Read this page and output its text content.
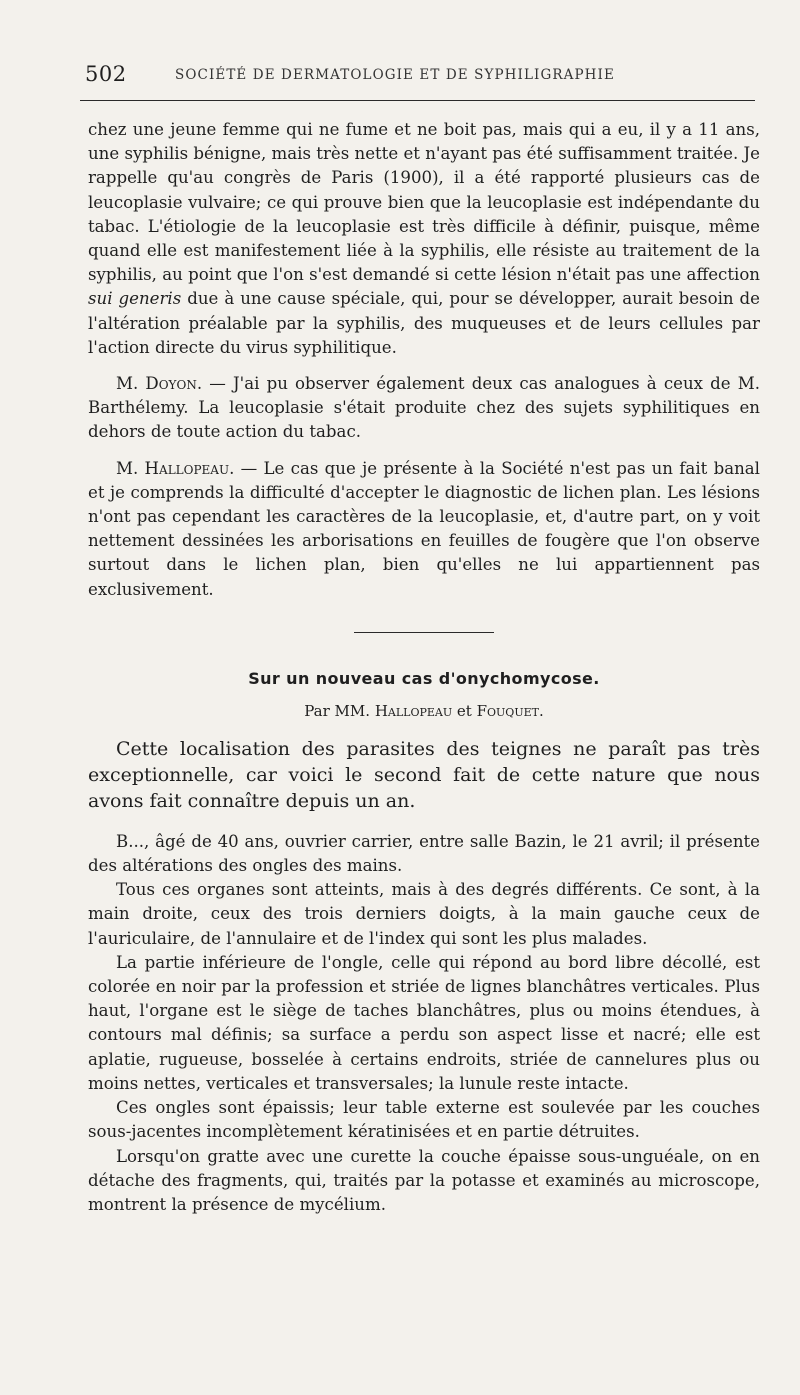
502	SOCIÉTÉ DE DERMATOLOGIE ET DE SYPHILIGRAPHIE

chez une jeune femme qui ne fume et ne boit pas, mais qui a eu, il y a 11 ans, une syphilis bénigne, mais très nette et n'ayant pas été suffisamment traitée. Je rappelle qu'au congrès de Paris (1900), il a été rapporté plusieurs cas de leucoplasie vulvaire; ce qui prouve bien que la leucoplasie est indépendante du tabac. L'étiologie de la leucoplasie est très difficile à définir, puisque, même quand elle est manifestement liée à la syphilis, elle résiste au traitement de la syphilis, au point que l'on s'est demandé si cette lésion n'était pas une affection sui generis due à une cause spéciale, qui, pour se développer, aurait besoin de l'altération préalable par la syphilis, des muqueuses et de leurs cellules par l'action directe du virus syphilitique.

M. Doyon. — J'ai pu observer également deux cas analogues à ceux de M. Barthélemy. La leucoplasie s'était produite chez des sujets syphilitiques en dehors de toute action du tabac.

M. Hallopeau. — Le cas que je présente à la Société n'est pas un fait banal et je comprends la difficulté d'accepter le diagnostic de lichen plan. Les lésions n'ont pas cependant les caractères de la leucoplasie, et, d'autre part, on y voit nettement dessinées les arborisations en feuilles de fougère que l'on observe surtout dans le lichen plan, bien qu'elles ne lui appartiennent pas exclusivement.

Sur un nouveau cas d'onychomycose.
Par MM. Hallopeau et Fouquet.

Cette localisation des parasites des teignes ne paraît pas très exceptionnelle, car voici le second fait de cette nature que nous avons fait connaître depuis un an.

B..., âgé de 40 ans, ouvrier carrier, entre salle Bazin, le 21 avril; il présente des altérations des ongles des mains.

Tous ces organes sont atteints, mais à des degrés différents. Ce sont, à la main droite, ceux des trois derniers doigts, à la main gauche ceux de l'auriculaire, de l'annulaire et de l'index qui sont les plus malades.

La partie inférieure de l'ongle, celle qui répond au bord libre décollé, est colorée en noir par la profession et striée de lignes blanchâtres verticales. Plus haut, l'organe est le siège de taches blanchâtres, plus ou moins étendues, à contours mal définis; sa surface a perdu son aspect lisse et nacré; elle est aplatie, rugueuse, bosselée à certains endroits, striée de cannelures plus ou moins nettes, verticales et transversales; la lunule reste intacte.

Ces ongles sont épaissis; leur table externe est soulevée par les couches sous-jacentes incomplètement kératinisées et en partie détruites.

Lorsqu'on gratte avec une curette la couche épaisse sous-unguéale, on en détache des fragments, qui, traités par la potasse et examinés au microscope, montrent la présence de mycélium.
